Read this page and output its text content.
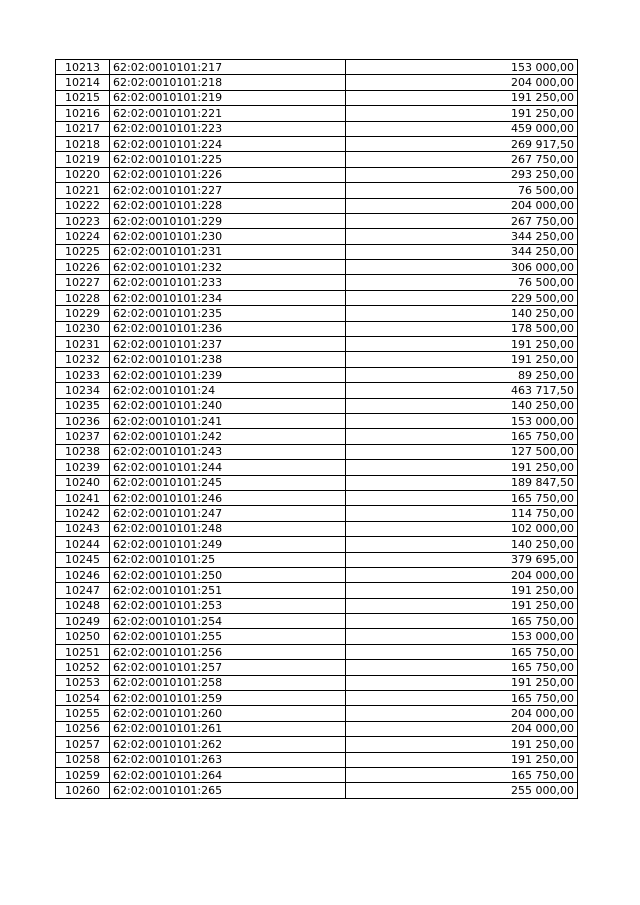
10213	62:02:0010101:217	153 000,00
10214	62:02:0010101:218	204 000,00
10215	62:02:0010101:219	191 250,00
10216	62:02:0010101:221	191 250,00
10217	62:02:0010101:223	459 000,00
10218	62:02:0010101:224	269 917,50
10219	62:02:0010101:225	267 750,00
10220	62:02:0010101:226	293 250,00
10221	62:02:0010101:227	76 500,00
10222	62:02:0010101:228	204 000,00
10223	62:02:0010101:229	267 750,00
10224	62:02:0010101:230	344 250,00
10225	62:02:0010101:231	344 250,00
10226	62:02:0010101:232	306 000,00
10227	62:02:0010101:233	76 500,00
10228	62:02:0010101:234	229 500,00
10229	62:02:0010101:235	140 250,00
10230	62:02:0010101:236	178 500,00
10231	62:02:0010101:237	191 250,00
10232	62:02:0010101:238	191 250,00
10233	62:02:0010101:239	89 250,00
10234	62:02:0010101:24	463 717,50
10235	62:02:0010101:240	140 250,00
10236	62:02:0010101:241	153 000,00
10237	62:02:0010101:242	165 750,00
10238	62:02:0010101:243	127 500,00
10239	62:02:0010101:244	191 250,00
10240	62:02:0010101:245	189 847,50
10241	62:02:0010101:246	165 750,00
10242	62:02:0010101:247	114 750,00
10243	62:02:0010101:248	102 000,00
10244	62:02:0010101:249	140 250,00
10245	62:02:0010101:25	379 695,00
10246	62:02:0010101:250	204 000,00
10247	62:02:0010101:251	191 250,00
10248	62:02:0010101:253	191 250,00
10249	62:02:0010101:254	165 750,00
10250	62:02:0010101:255	153 000,00
10251	62:02:0010101:256	165 750,00
10252	62:02:0010101:257	165 750,00
10253	62:02:0010101:258	191 250,00
10254	62:02:0010101:259	165 750,00
10255	62:02:0010101:260	204 000,00
10256	62:02:0010101:261	204 000,00
10257	62:02:0010101:262	191 250,00
10258	62:02:0010101:263	191 250,00
10259	62:02:0010101:264	165 750,00
10260	62:02:0010101:265	255 000,00
